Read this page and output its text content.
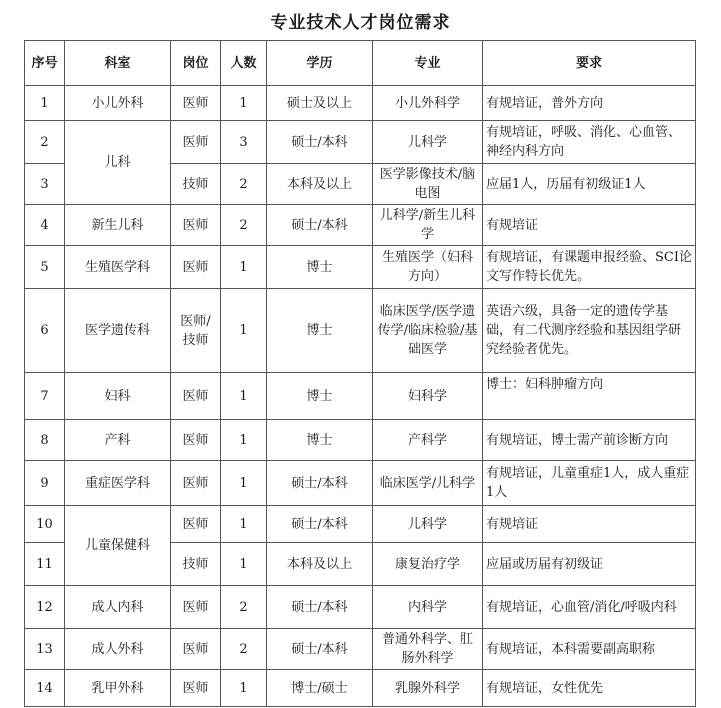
专业技术人才岗位需求
序号	科室	岗位	人数	学历	专业	要求
1	小儿外科	医师	1	硕士及以上	小儿外科学	有规培证，普外方向
2	儿科	医师	3	硕士/本科	儿科学	有规培证，呼吸、消化、心血管、神经内科方向
3		技师	2	本科及以上	医学影像技术/脑电图	应届1人，历届有初级证1人
4	新生儿科	医师	2	硕士/本科	儿科学/新生儿科学	有规培证
5	生殖医学科	医师	1	博士	生殖医学（妇科方向）	有规培证，有课题申报经验、SCI论文写作特长优先。
6	医学遗传科	医师/技师	1	博士	临床医学/医学遗传学/临床检验/基础医学	英语六级，具备一定的遗传学基础，有二代测序经验和基因组学研究经验者优先。
7	妇科	医师	1	博士	妇科学	博士：妇科肿瘤方向
8	产科	医师	1	博士	产科学	有规培证，博士需产前诊断方向
9	重症医学科	医师	1	硕士/本科	临床医学/儿科学	有规培证，儿童重症1人，成人重症1人
10	儿童保健科	医师	1	硕士/本科	儿科学	有规培证
11		技师	1	本科及以上	康复治疗学	应届或历届有初级证
12	成人内科	医师	2	硕士/本科	内科学	有规培证，心血管/消化/呼吸内科
13	成人外科	医师	2	硕士/本科	普通外科学、肛肠外科学	有规培证，本科需要副高职称
14	乳甲外科	医师	1	博士/硕士	乳腺外科学	有规培证，女性优先
